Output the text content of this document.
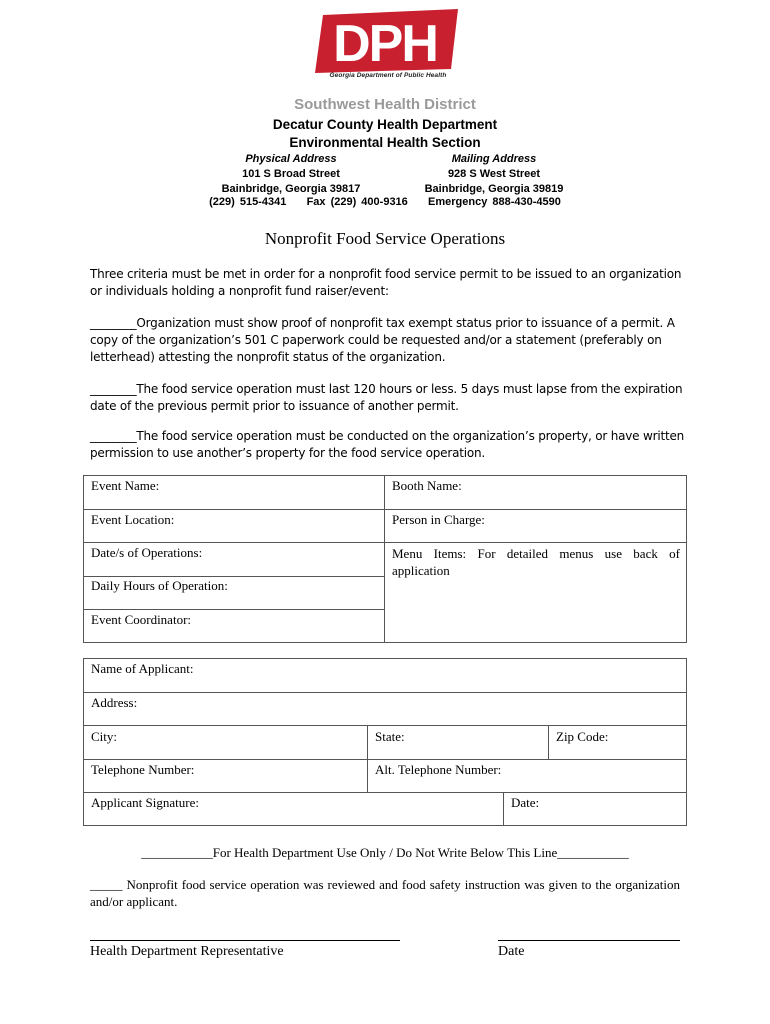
DPH
Georgia Department of Public Health
Southwest Health District
Decatur County Health Department
Environmental Health Section
Physical Address
101 S Broad Street
Bainbridge, Georgia 39817
Mailing Address
928 S West Street
Bainbridge, Georgia 39819
(229) 515-4341 Fax (229) 400-9316 Emergency 888-430-4590
Nonprofit Food Service Operations
Three criteria must be met in order for a nonprofit food service permit to be issued to an organization or individuals holding a nonprofit fund raiser/event:
________Organization must show proof of nonprofit tax exempt status prior to issuance of a permit. A copy of the organization’s 501 C paperwork could be requested and/or a statement (preferably on letterhead) attesting the nonprofit status of the organization.
________The food service operation must last 120 hours or less. 5 days must lapse from the expiration date of the previous permit prior to issuance of another permit.
________The food service operation must be conducted on the organization’s property, or have written permission to use another’s property for the food service operation.
Event Name:	Booth Name:
Event Location:	Person in Charge:
Date/s of Operations:	Menu Items: For detailed menus use back of application
Daily Hours of Operation:
Event Coordinator:
Name of Applicant:
Address:
City:	State:	Zip Code:
Telephone Number:	Alt. Telephone Number:
Applicant Signature:	Date:
___________For Health Department Use Only / Do Not Write Below This Line___________
_____ Nonprofit food service operation was reviewed and food safety instruction was given to the organization and/or applicant.
Health Department Representative	Date
